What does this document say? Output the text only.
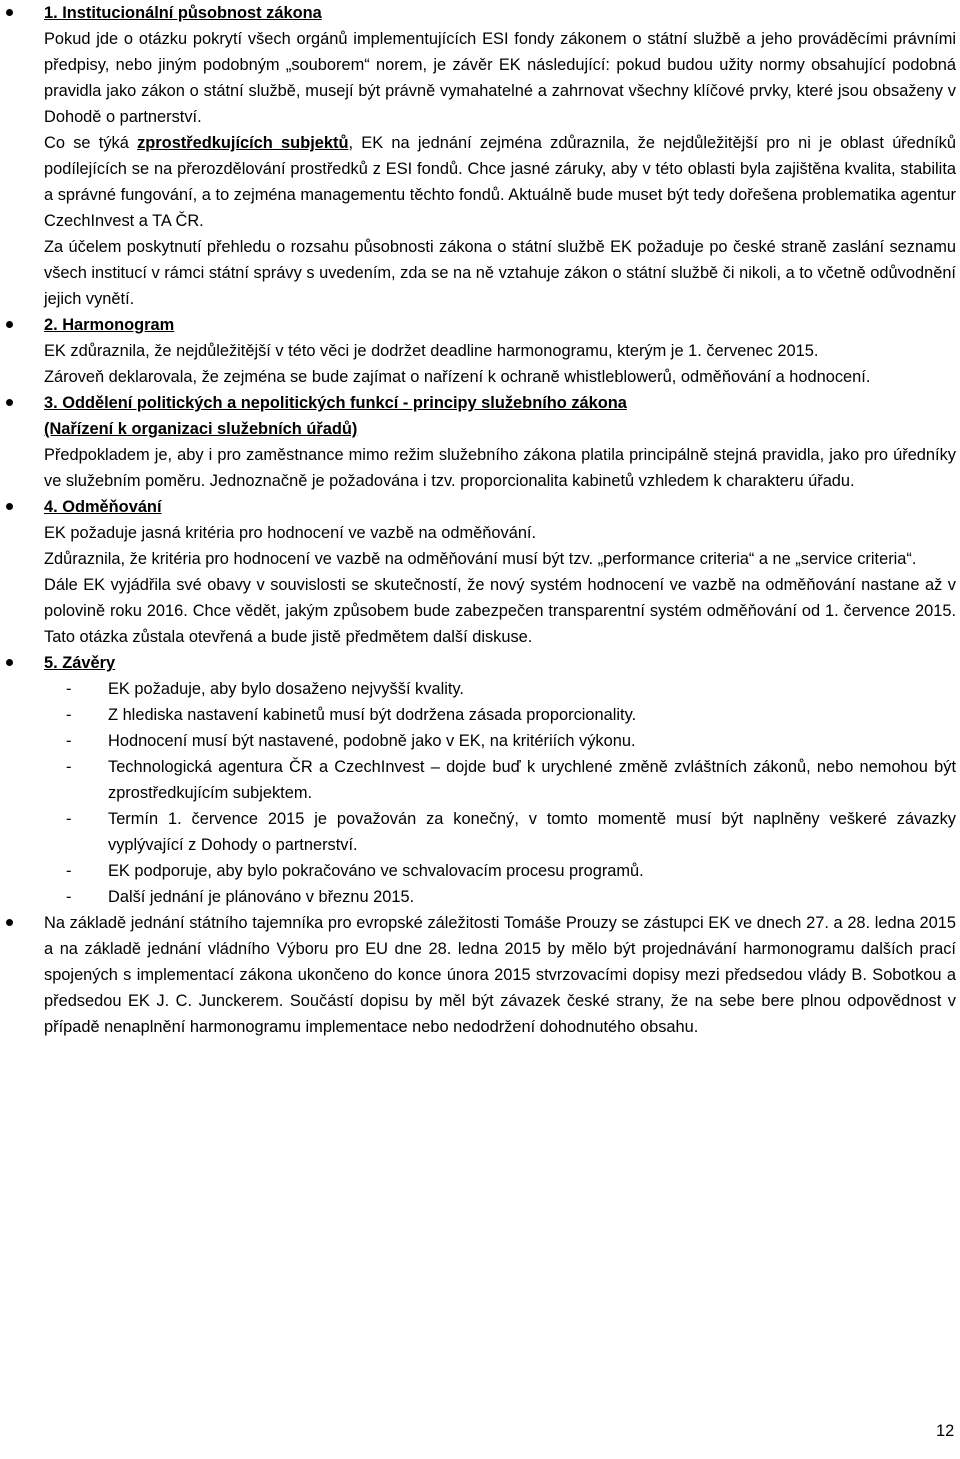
1. Institucionální působnost zákona

Pokud jde o otázku pokrytí všech orgánů implementujících ESI fondy zákonem o státní službě a jeho prováděcími právními předpisy, nebo jiným podobným „souborem“ norem, je závěr EK následující: pokud budou užity normy obsahující podobná pravidla jako zákon o státní službě, musejí být právně vymahatelné a zahrnovat všechny klíčové prvky, které jsou obsaženy v Dohodě o partnerství.

Co se týká zprostředkujících subjektů, EK na jednání zejména zdůraznila, že nejdůležitější pro ni je oblast úředníků podílejících se na přerozdělování prostředků z ESI fondů. Chce jasné záruky, aby v této oblasti byla zajištěna kvalita, stabilita a správné fungování, a to zejména managementu těchto fondů. Aktuálně bude muset být tedy dořešena problematika agentur CzechInvest a TA ČR.

Za účelem poskytnutí přehledu o rozsahu působnosti zákona o státní službě EK požaduje po české straně zaslání seznamu všech institucí v rámci státní správy s uvedením, zda se na ně vztahuje zákon o státní službě či nikoli, a to včetně odůvodnění jejich vynětí.

2. Harmonogram

EK zdůraznila, že nejdůležitější v této věci je dodržet deadline harmonogramu, kterým je 1. červenec 2015.

Zároveň deklarovala, že zejména se bude zajímat o nařízení k ochraně whistleblowerů, odměňování a hodnocení.

3. Oddělení politických a nepolitických funkcí - principy služebního zákona

(Nařízení k organizaci služebních úřadů)

Předpokladem je, aby i pro zaměstnance mimo režim služebního zákona platila principálně stejná pravidla, jako pro úředníky ve služebním poměru. Jednoznačně je požadována i tzv. proporcionalita kabinetů vzhledem k charakteru úřadu.

4. Odměňování

EK požaduje jasná kritéria pro hodnocení ve vazbě na odměňování.

Zdůraznila, že kritéria pro hodnocení ve vazbě na odměňování musí být tzv. „performance criteria“ a ne „service criteria“.

Dále EK vyjádřila své obavy v souvislosti se skutečností, že nový systém hodnocení ve vazbě na odměňování nastane až v polovině roku 2016. Chce vědět, jakým způsobem bude zabezpečen transparentní systém odměňování od 1. července 2015. Tato otázka zůstala otevřená a bude jistě předmětem další diskuse.

5. Závěry

- EK požaduje, aby bylo dosaženo nejvyšší kvality.
- Z hlediska nastavení kabinetů musí být dodržena zásada proporcionality.
- Hodnocení musí být nastavené, podobně jako v EK, na kritériích výkonu.
- Technologická agentura ČR a CzechInvest – dojde buď k urychlené změně zvláštních zákonů, nebo nemohou být zprostředkujícím subjektem.
- Termín 1. července 2015 je považován za konečný, v tomto momentě musí být naplněny veškeré závazky vyplývající z Dohody o partnerství.
- EK podporuje, aby bylo pokračováno ve schvalovacím procesu programů.
- Další jednání je plánováno v březnu 2015.

Na základě jednání státního tajemníka pro evropské záležitosti Tomáše Prouzy se zástupci EK ve dnech 27. a 28. ledna 2015 a na základě jednání vládního Výboru pro EU dne 28. ledna 2015 by mělo být projednávání harmonogramu dalších prací spojených s implementací zákona ukončeno do konce února 2015 stvrzovacími dopisy mezi předsedou vlády B. Sobotkou a předsedou EK J. C. Junckerem. Součástí dopisu by měl být závazek české strany, že na sebe bere plnou odpovědnost v případě nenaplnění harmonogramu implementace nebo nedodržení dohodnutého obsahu.

12
